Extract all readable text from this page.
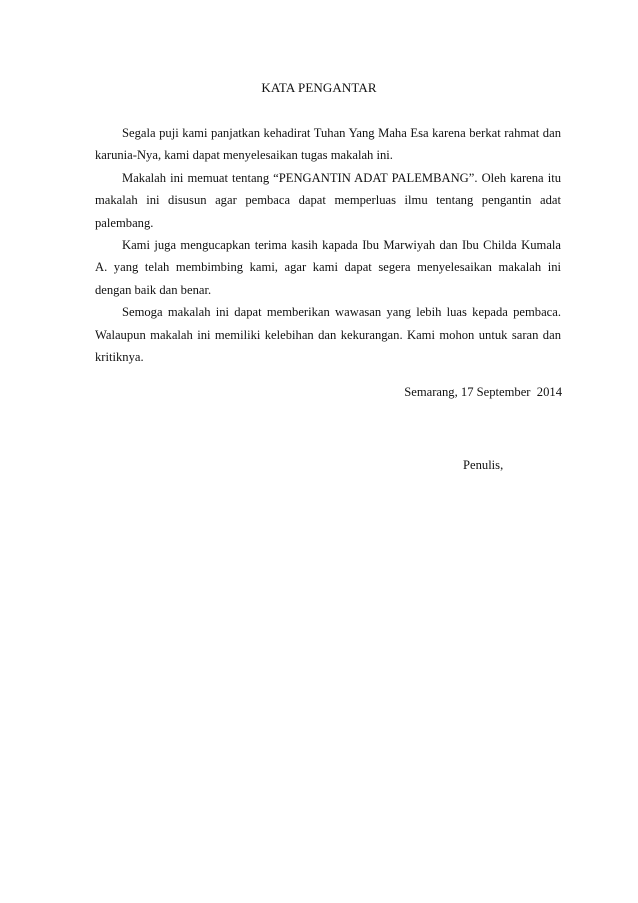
KATA PENGANTAR

Segala puji kami panjatkan kehadirat Tuhan Yang Maha Esa karena berkat rahmat dan karunia-Nya, kami dapat menyelesaikan tugas makalah ini.

Makalah ini memuat tentang “PENGANTIN ADAT PALEMBANG”. Oleh karena itu makalah ini disusun agar pembaca dapat memperluas ilmu tentang pengantin adat palembang.

Kami juga mengucapkan terima kasih kapada Ibu Marwiyah dan Ibu Childa Kumala A. yang telah membimbing kami, agar kami dapat segera menyelesaikan makalah ini dengan baik dan benar.

Semoga makalah ini dapat memberikan wawasan yang lebih luas kepada pembaca. Walaupun makalah ini memiliki kelebihan dan kekurangan. Kami mohon untuk saran dan kritiknya.

Semarang, 17 September  2014
Penulis,
